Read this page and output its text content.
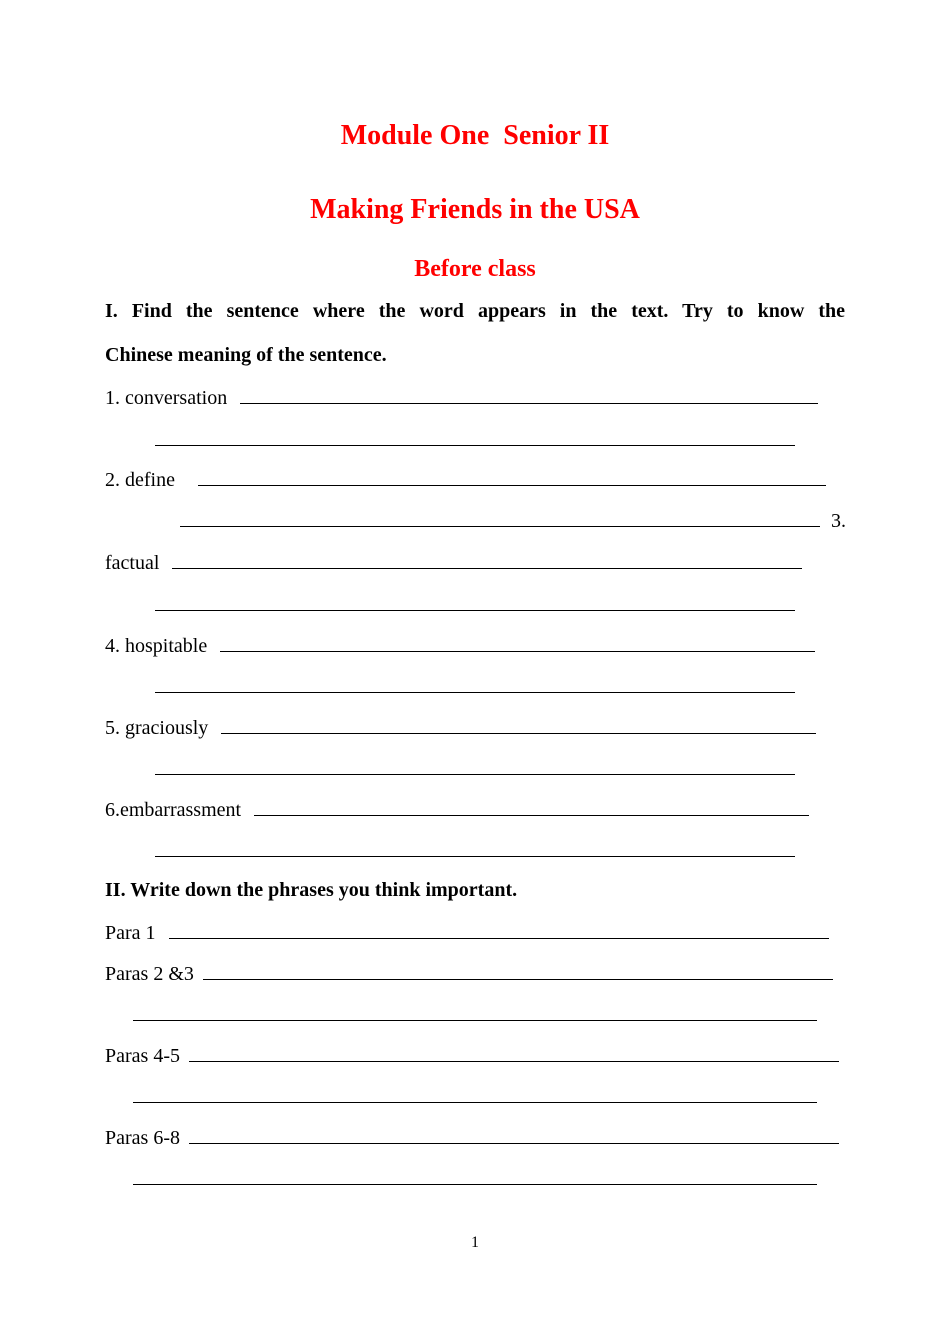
Module One  Senior II
Making Friends in the USA
Before class

I. Find the sentence where the word appears in the text. Try to know the

Chinese meaning of the sentence.

1. conversation
2. define
3.
factual
4. hospitable
5. graciously
6.embarrassment

II. Write down the phrases you think important.

Para 1
Paras 2 &3
Paras 4-5
Paras 6-8
1
